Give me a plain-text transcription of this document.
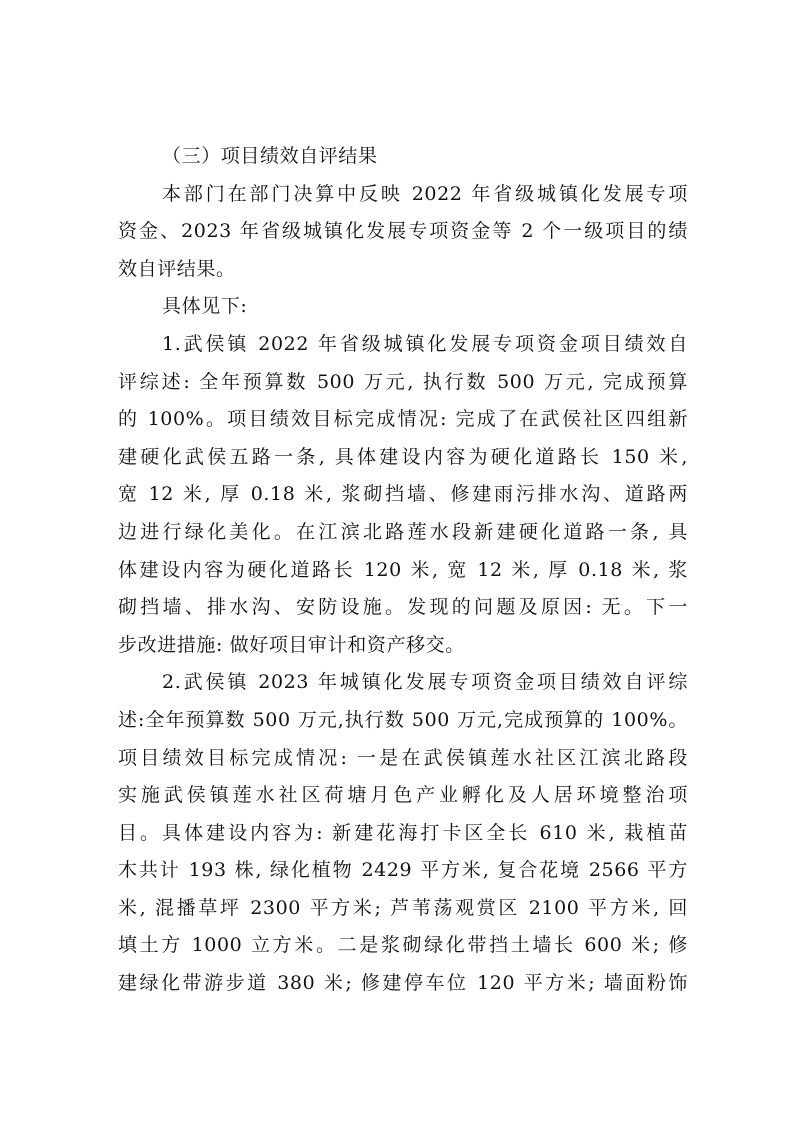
（三）项目绩效自评结果
本部门在部门决算中反映 2022 年省级城镇化发展专项
资金、2023 年省级城镇化发展专项资金等 2 个一级项目的绩
效自评结果。
具体见下:
1.武侯镇 2022 年省级城镇化发展专项资金项目绩效自
评综述: 全年预算数 500 万元, 执行数 500 万元, 完成预算
的 100%。项目绩效目标完成情况: 完成了在武侯社区四组新
建硬化武侯五路一条, 具体建设内容为硬化道路长 150 米,
宽 12 米, 厚 0.18 米, 浆砌挡墙、修建雨污排水沟、道路两
边进行绿化美化。在江滨北路莲水段新建硬化道路一条, 具
体建设内容为硬化道路长 120 米, 宽 12 米, 厚 0.18 米, 浆
砌挡墙、排水沟、安防设施。发现的问题及原因: 无。下一
步改进措施: 做好项目审计和资产移交。
2.武侯镇 2023 年城镇化发展专项资金项目绩效自评综
述:全年预算数 500 万元,执行数 500 万元,完成预算的 100%。
项目绩效目标完成情况: 一是在武侯镇莲水社区江滨北路段
实施武侯镇莲水社区荷塘月色产业孵化及人居环境整治项
目。具体建设内容为: 新建花海打卡区全长 610 米, 栽植苗
木共计 193 株, 绿化植物 2429 平方米, 复合花境 2566 平方
米, 混播草坪 2300 平方米; 芦苇荡观赏区 2100 平方米, 回
填土方 1000 立方米。二是浆砌绿化带挡土墙长 600 米; 修
建绿化带游步道 380 米; 修建停车位 120 平方米; 墙面粉饰
